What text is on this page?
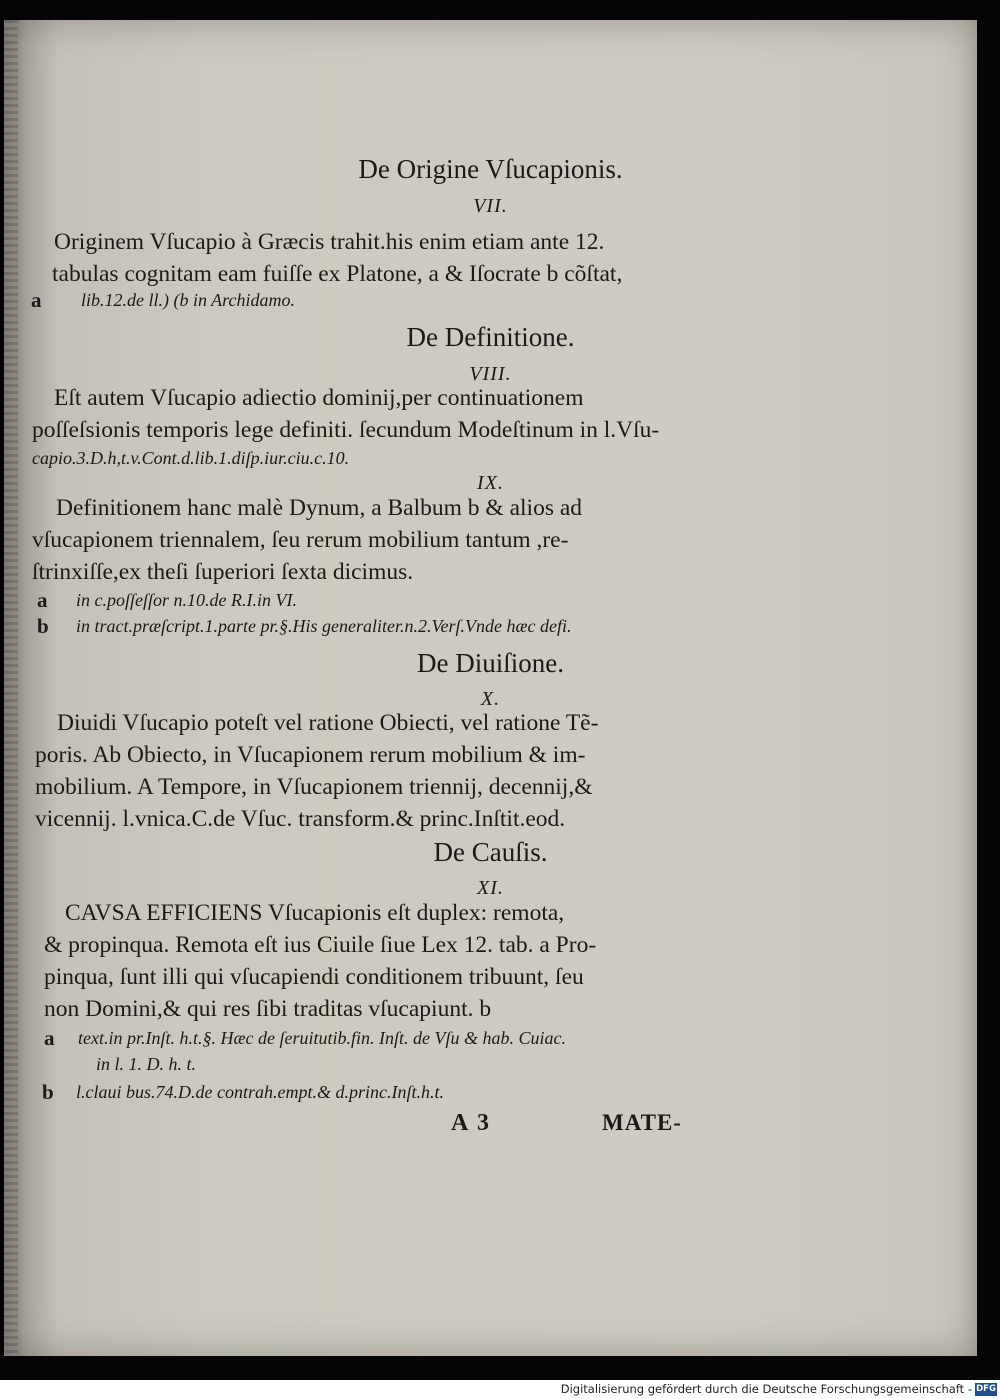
De Origine Vſucapionis.
VII.
Originem Vſucapio à Græcis trahit.his enim etiam ante 12.
tabulas cognitam eam fuiſſe ex Platone, a & Iſocrate b cõſtat,
a lib.12.de ll.) (b in Archidamo.
De Definitione.
VIII.
Eſt autem Vſucapio adiectio dominij,per continuationem
poſſeſsionis temporis lege definiti. ſecundum Modeſtinum in l.Vſu-
capio.3.D.h,t.v.Cont.d.lib.1.diſp.iur.ciu.c.10.
IX.
Definitionem hanc malè Dynum, a Balbum b & alios ad
vſucapionem triennalem, ſeu rerum mobilium tantum ,re-
ſtrinxiſſe,ex theſi ſuperiori ſexta dicimus.
a in c.poſſeſſor n.10.de R.I.in VI.
b in tract.præſcript.1.parte pr.§.His generaliter.n.2.Verſ.Vnde hæc defi.
De Diuiſione.
X.
Diuidi Vſucapio poteſt vel ratione Obiecti, vel ratione Tẽ-
poris. Ab Obiecto, in Vſucapionem rerum mobilium & im-
mobilium. A Tempore, in Vſucapionem triennij, decennij,&
vicennij. l.vnica.C.de Vſuc. transform.& princ.Inſtit.eod.
De Cauſis.
XI.
CAVSA EFFICIENS Vſucapionis eſt duplex: remota,
& propinqua. Remota eſt ius Ciuile ſiue Lex 12. tab. a Pro-
pinqua, ſunt illi qui vſucapiendi conditionem tribuunt, ſeu
non Domini,& qui res ſibi traditas vſucapiunt. b
a text.in pr.Inſt. h.t.§. Hæc de ſeruitutib.fin. Inſt. de Vſu & hab. Cuiac.
in l. 1. D. h. t.
b l.claui bus.74.D.de contrah.empt.& d.princ.Inſt.h.t.
A 3	MATE-
Digitalisierung gefördert durch die Deutsche Forschungsgemeinschaft - DFG
